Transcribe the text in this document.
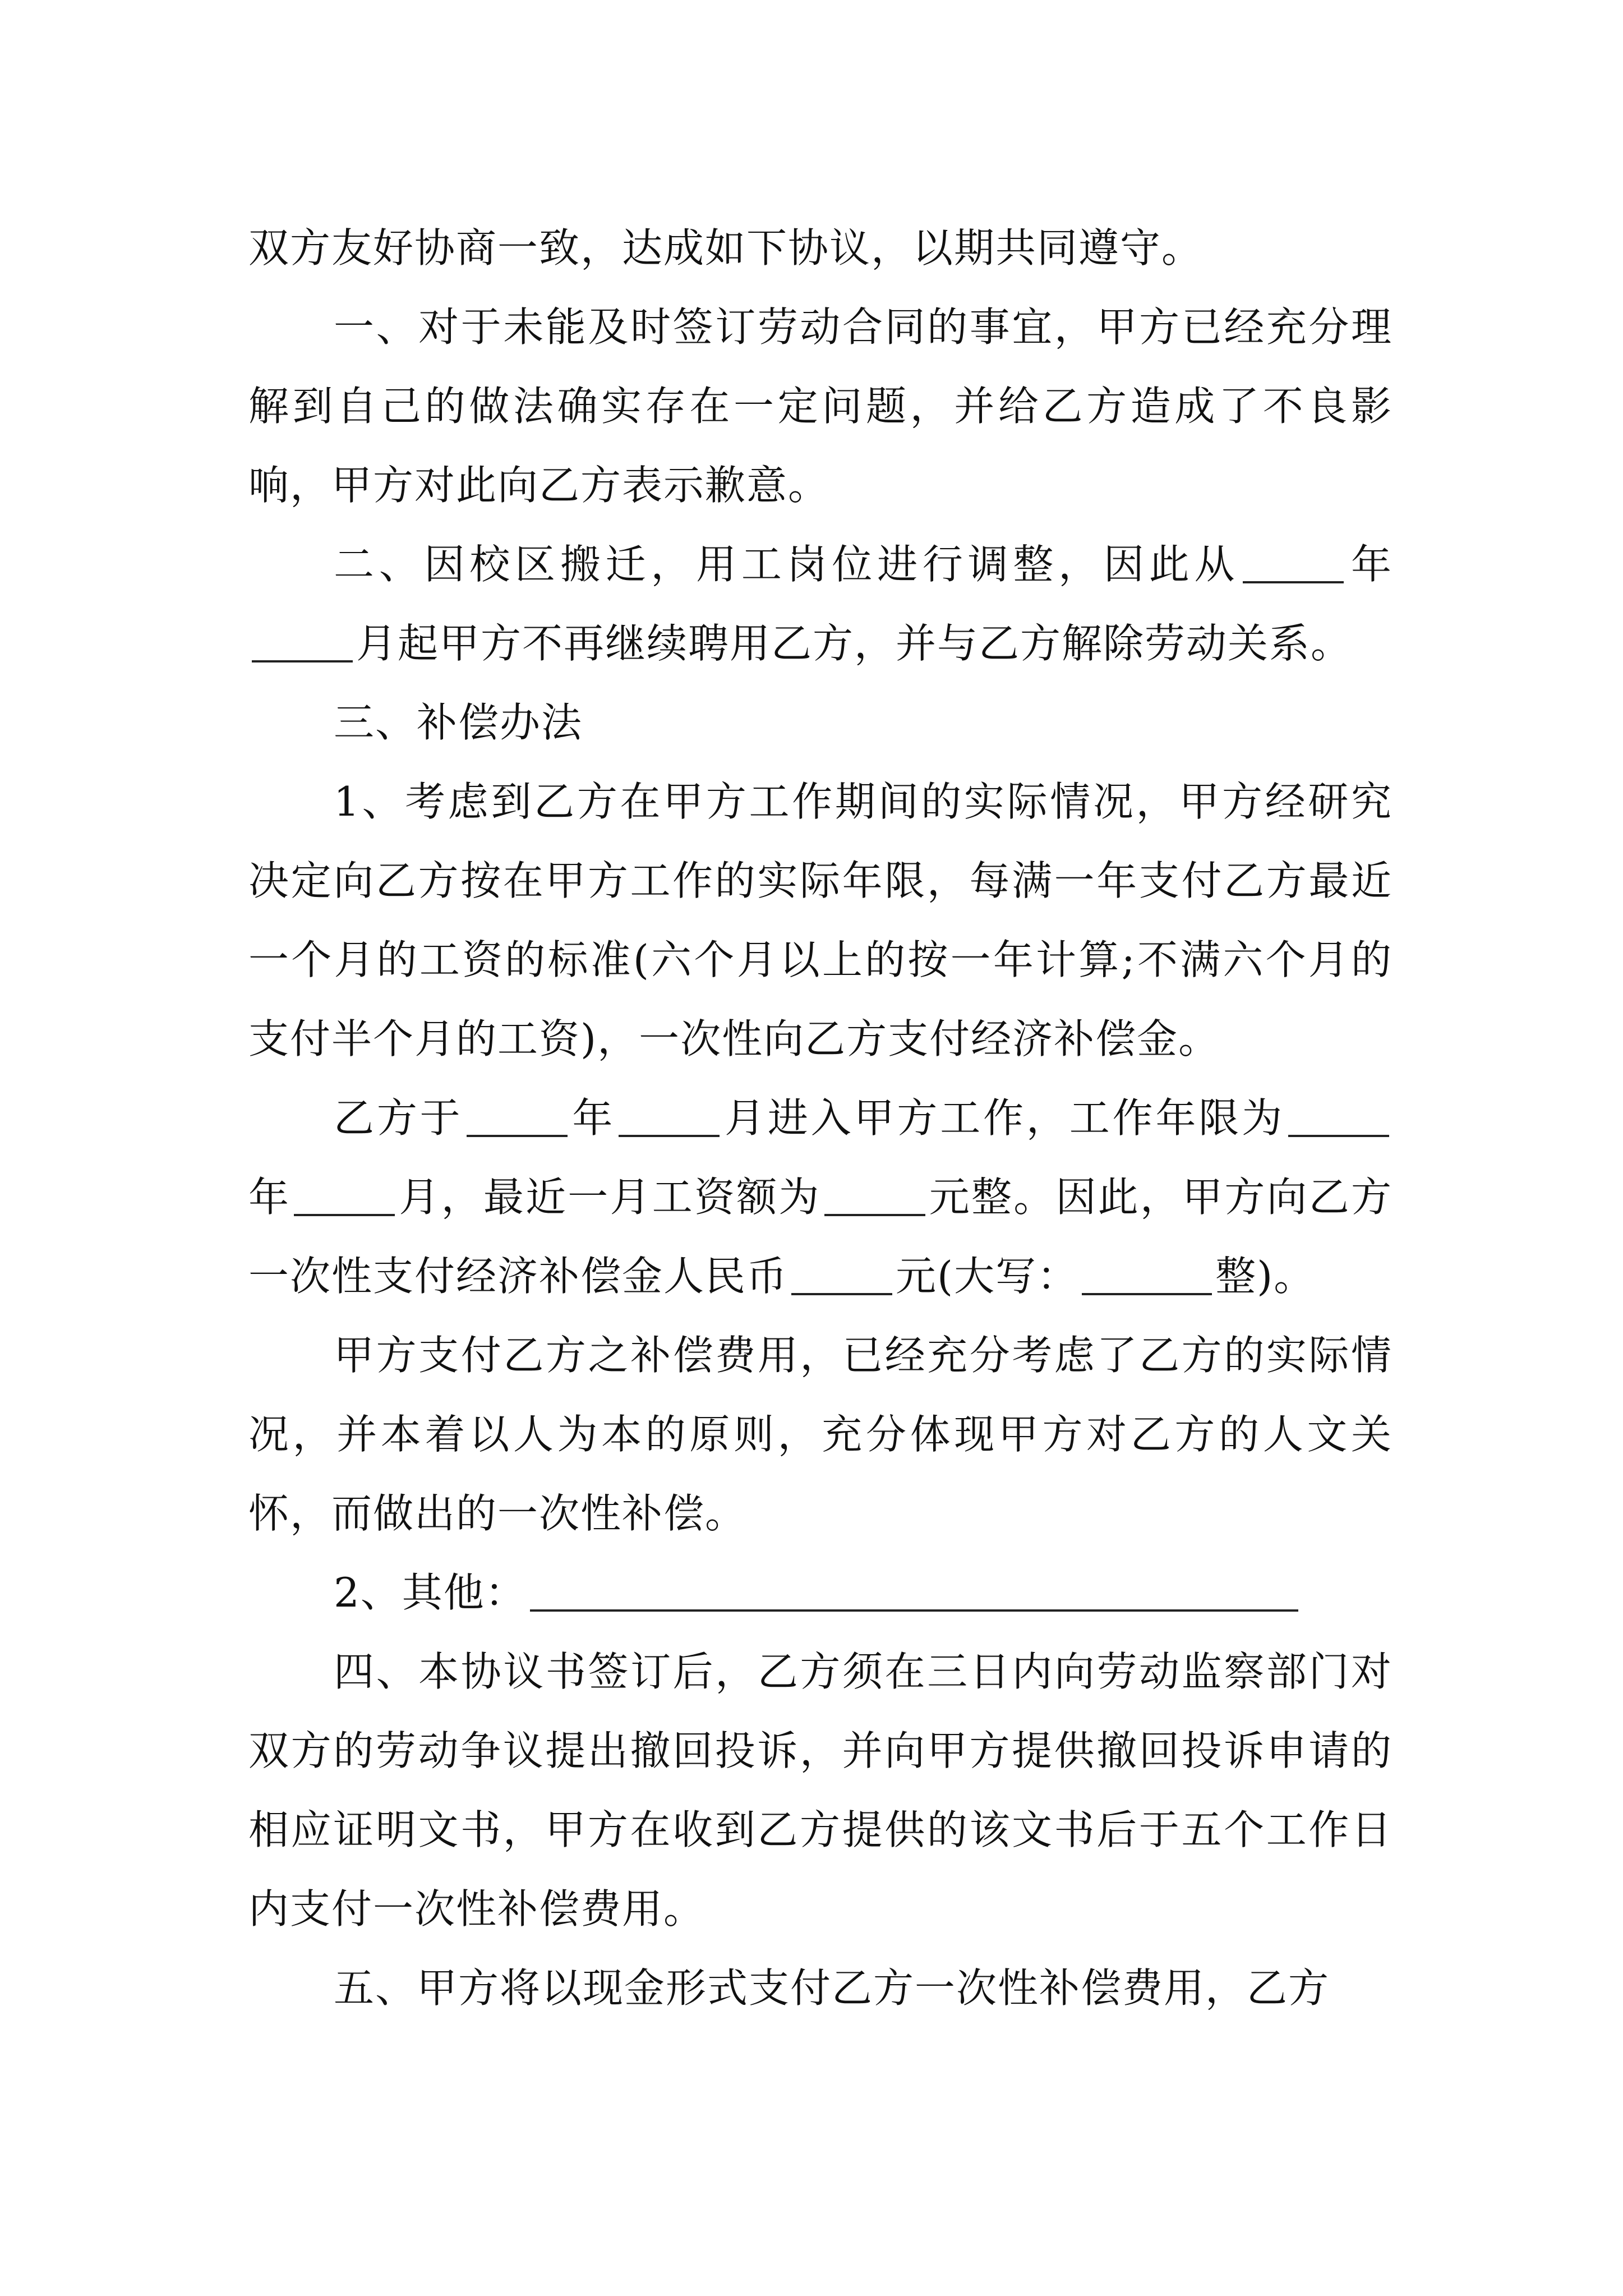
双方友好协商一致，达成如下协议，以期共同遵守。

一、对于未能及时签订劳动合同的事宜，甲方已经充分理解到自己的做法确实存在一定问题，并给乙方造成了不良影响，甲方对此向乙方表示歉意。

二、因校区搬迁，用工岗位进行调整，因此从	年月起甲方不再继续聘用乙方，并与乙方解除劳动关系。

三、补偿办法

1、考虑到乙方在甲方工作期间的实际情况，甲方经研究决定向乙方按在甲方工作的实际年限，每满一年支付乙方最近一个月的工资的标准(六个月以上的按一年计算;不满六个月的支付半个月的工资)，一次性向乙方支付经济补偿金。

乙方于	年	月进入甲方工作，工作年限为年	月，最近一月工资额为	元整。因此，甲方向乙方一次性支付经济补偿金人民币	元(大写：	整)。

甲方支付乙方之补偿费用，已经充分考虑了乙方的实际情况，并本着以人为本的原则，充分体现甲方对乙方的人文关怀，而做出的一次性补偿。

2、其他：

四、本协议书签订后，乙方须在三日内向劳动监察部门对双方的劳动争议提出撤回投诉，并向甲方提供撤回投诉申请的相应证明文书，甲方在收到乙方提供的该文书后于五个工作日内支付一次性补偿费用。

五、甲方将以现金形式支付乙方一次性补偿费用，乙方
